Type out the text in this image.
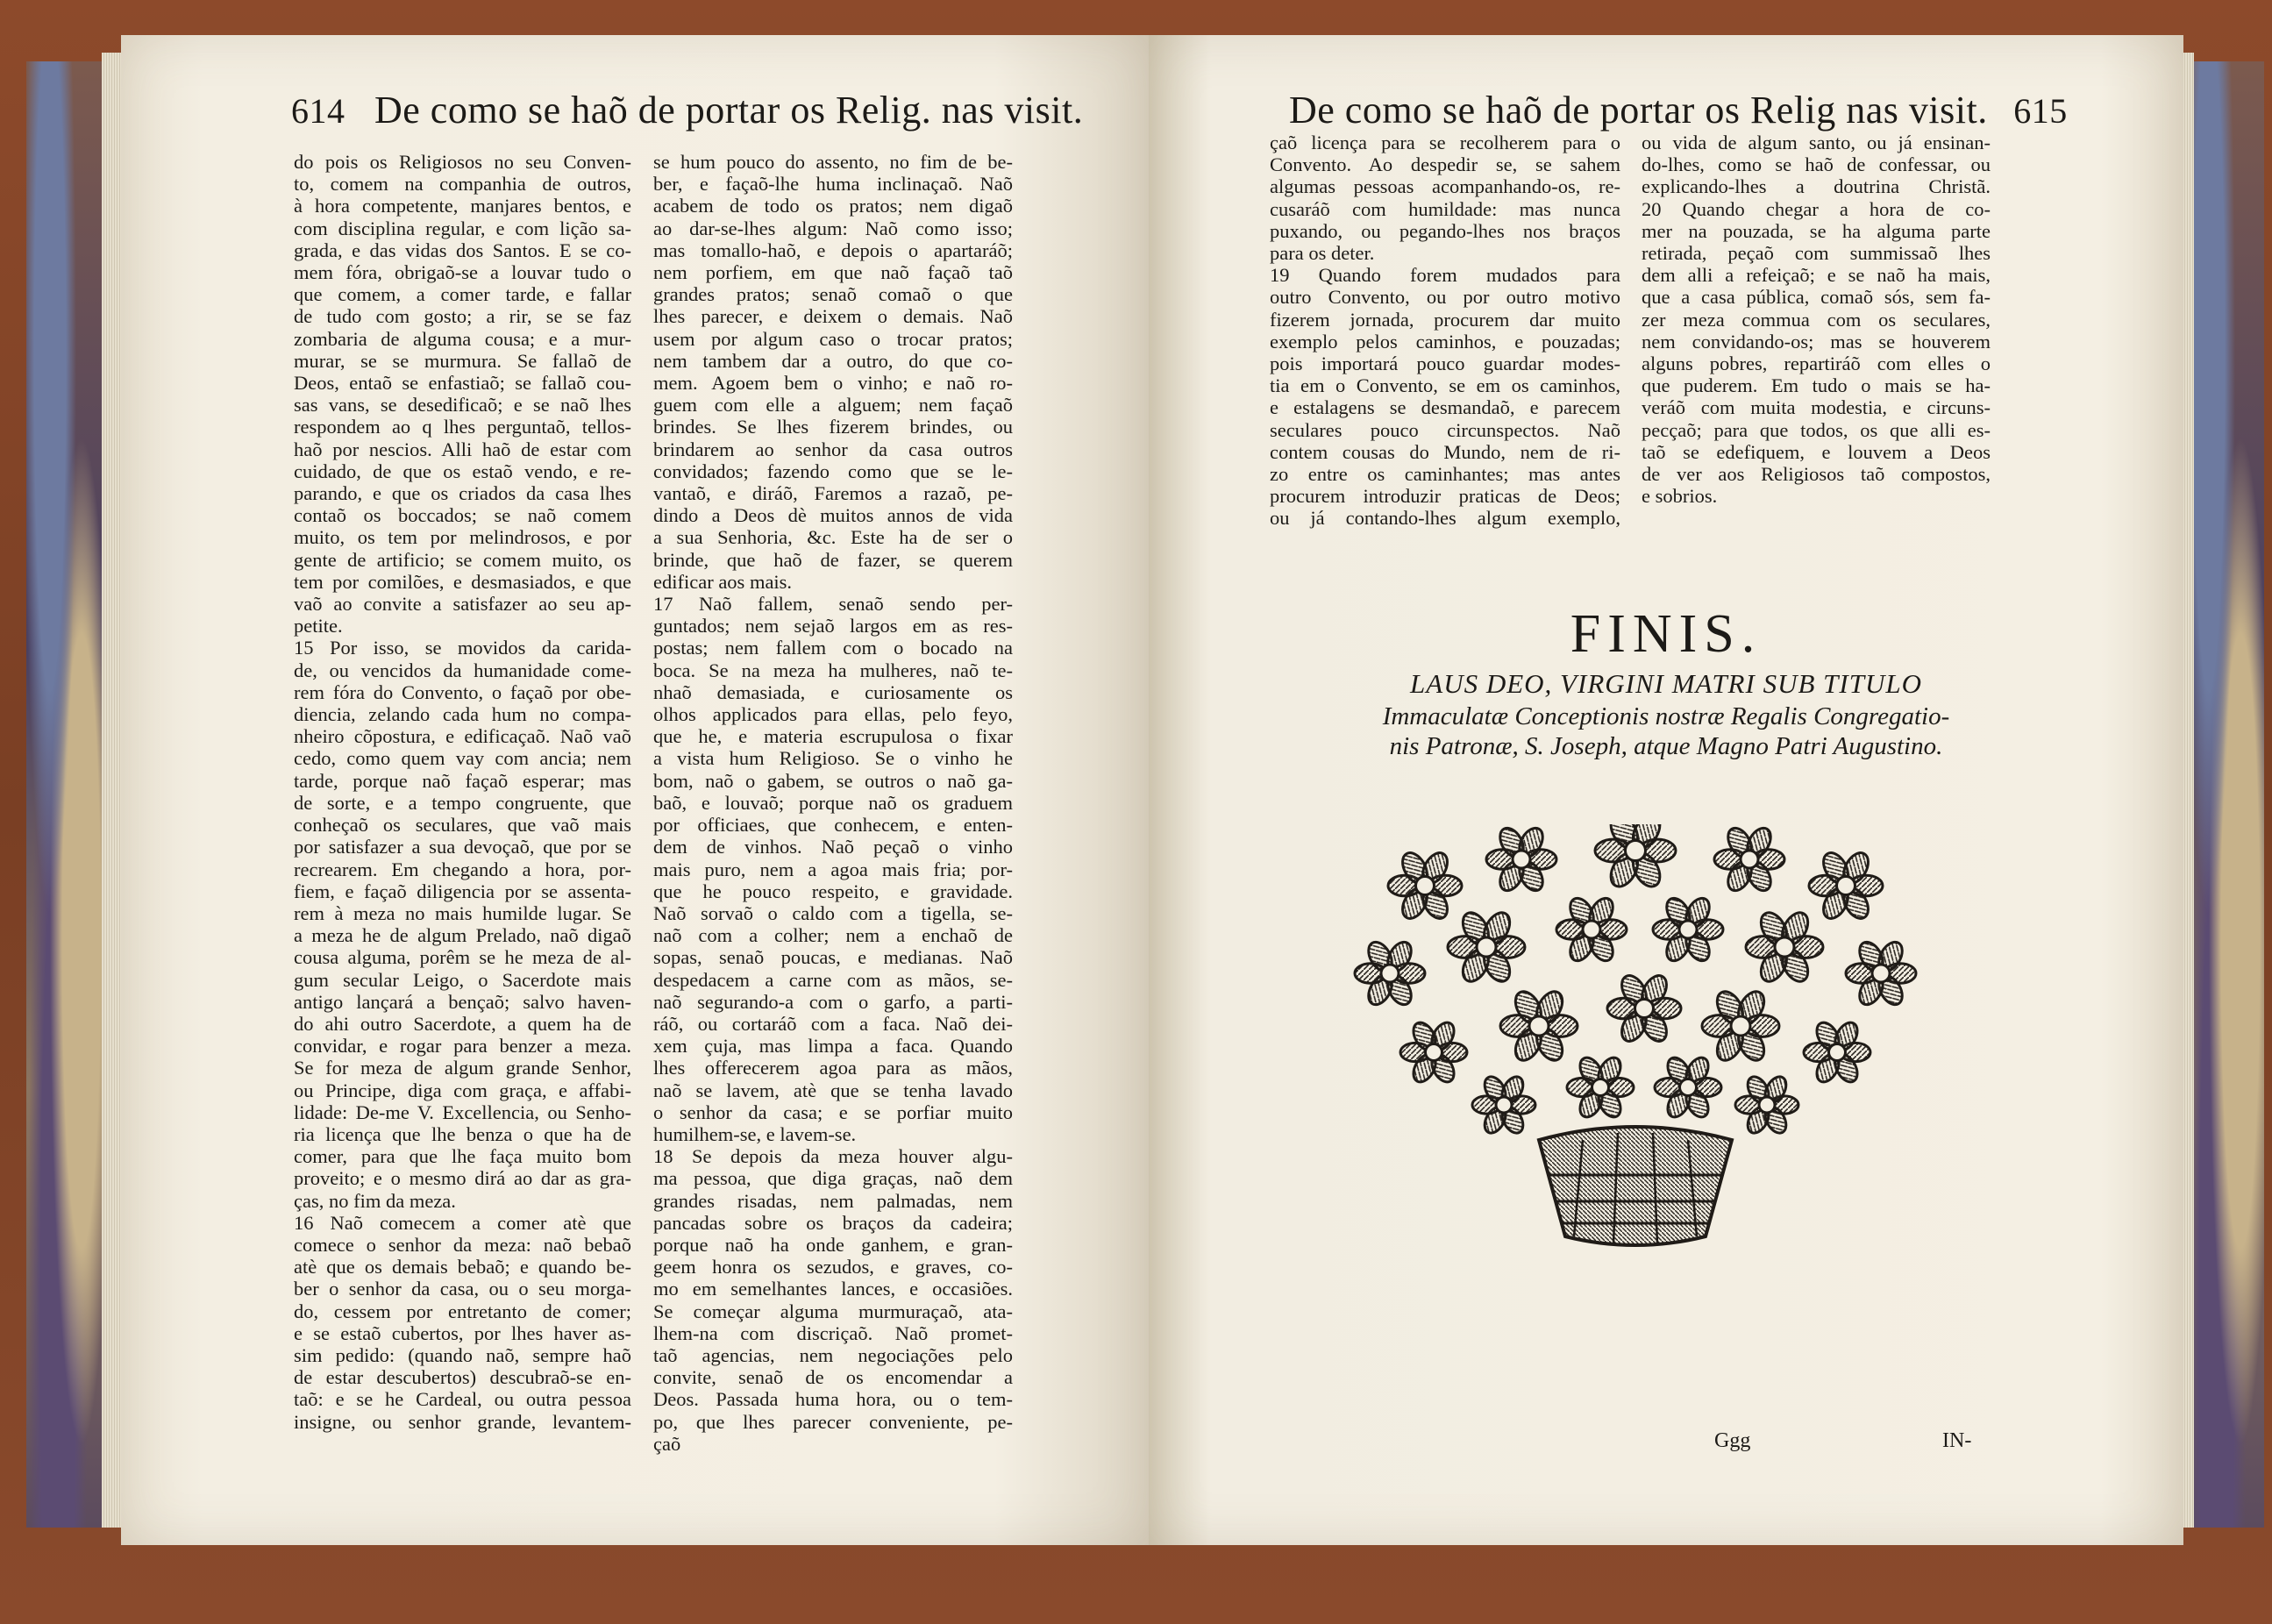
614 De como se haõ de portar os Relig. nas visit.	De como se haõ de portar os Relig nas visit. 615
do pois os Religiosos no seu Conven-
to, comem na companhia de outros,
à hora competente, manjares bentos, e
com disciplina regular, e com lição sa-
grada, e das vidas dos Santos. E se co-
mem fóra, obrigaõ-se a louvar tudo o
que comem, a comer tarde, e fallar
de tudo com gosto; a rir, se se faz
zombaria de alguma cousa; e a mur-
murar, se se murmura. Se fallaõ de
Deos, entaõ se enfastiaõ; se fallaõ cou-
sas vans, se desedificaõ; e se naõ lhes
respondem ao q lhes perguntaõ, tellos-
haõ por nescios. Alli haõ de estar com
cuidado, de que os estaõ vendo, e re-
parando, e que os criados da casa lhes
contaõ os boccados; se naõ comem
muito, os tem por melindrosos, e por
gente de artificio; se comem muito, os
tem por comilões, e desmasiados, e que
vaõ ao convite a satisfazer ao seu ap-
petite.
15 Por isso, se movidos da carida-
de, ou vencidos da humanidade come-
rem fóra do Convento, o façaõ por obe-
diencia, zelando cada hum no compa-
nheiro cõpostura, e edificaçaõ. Naõ vaõ
cedo, como quem vay com ancia; nem
tarde, porque naõ façaõ esperar; mas
de sorte, e a tempo congruente, que
conheçaõ os seculares, que vaõ mais
por satisfazer a sua devoçaõ, que por se
recrearem. Em chegando a hora, por-
fiem, e façaõ diligencia por se assenta-
rem à meza no mais humilde lugar. Se
a meza he de algum Prelado, naõ digaõ
cousa alguma, porêm se he meza de al-
gum secular Leigo, o Sacerdote mais
antigo lançará a bençaõ; salvo haven-
do ahi outro Sacerdote, a quem ha de
convidar, e rogar para benzer a meza.
Se for meza de algum grande Senhor,
ou Principe, diga com graça, e affabi-
lidade: De-me V. Excellencia, ou Senho-
ria licença que lhe benza o que ha de
comer, para que lhe faça muito bom
proveito; e o mesmo dirá ao dar as gra-
ças, no fim da meza.
16 Naõ comecem a comer atè que
comece o senhor da meza: naõ bebaõ
atè que os demais bebaõ; e quando be-
ber o senhor da casa, ou o seu morga-
do, cessem por entretanto de comer;
e se estaõ cubertos, por lhes haver as-
sim pedido: (quando naõ, sempre haõ
de estar descubertos) descubraõ-se en-
taõ: e se he Cardeal, ou outra pessoa
insigne, ou senhor grande, levantem-
se hum pouco do assento, no fim de be-
ber, e façaõ-lhe huma inclinaçaõ. Naõ
acabem de todo os pratos; nem digaõ
ao dar-se-lhes algum: Naõ como isso;
mas tomallo-haõ, e depois o apartaráõ;
nem porfiem, em que naõ façaõ taõ
grandes pratos; senaõ comaõ o que
lhes parecer, e deixem o demais. Naõ
usem por algum caso o trocar pratos;
nem tambem dar a outro, do que co-
mem. Agoem bem o vinho; e naõ ro-
guem com elle a alguem; nem façaõ
brindes. Se lhes fizerem brindes, ou
brindarem ao senhor da casa outros
convidados; fazendo como que se le-
vantaõ, e diráõ, Faremos a razaõ, pe-
dindo a Deos dè muitos annos de vida
a sua Senhoria, &c. Este ha de ser o
brinde, que haõ de fazer, se querem
edificar aos mais.
17 Naõ fallem, senaõ sendo per-
guntados; nem sejaõ largos em as res-
postas; nem fallem com o bocado na
boca. Se na meza ha mulheres, naõ te-
nhaõ demasiada, e curiosamente os
olhos applicados para ellas, pelo feyo,
que he, e materia escrupulosa o fixar
a vista hum Religioso. Se o vinho he
bom, naõ o gabem, se outros o naõ ga-
baõ, e louvaõ; porque naõ os graduem
por officiaes, que conhecem, e enten-
dem de vinhos. Naõ peçaõ o vinho
mais puro, nem a agoa mais fria; por-
que he pouco respeito, e gravidade.
Naõ sorvaõ o caldo com a tigella, se-
naõ com a colher; nem a enchaõ de
sopas, senaõ poucas, e medianas. Naõ
despedacem a carne com as mãos, se-
naõ segurando-a com o garfo, a parti-
ráõ, ou cortaráõ com a faca. Naõ dei-
xem çuja, mas limpa a faca. Quando
lhes offerecerem agoa para as mãos,
naõ se lavem, atè que se tenha lavado
o senhor da casa; e se porfiar muito
humilhem-se, e lavem-se.
18 Se depois da meza houver algu-
ma pessoa, que diga graças, naõ dem
grandes risadas, nem palmadas, nem
pancadas sobre os braços da cadeira;
porque naõ ha onde ganhem, e gran-
geem honra os sezudos, e graves, co-
mo em semelhantes lances, e occasiões.
Se começar alguma murmuraçaõ, ata-
lhem-na com discriçaõ. Naõ promet-
taõ agencias, nem negociações pelo
convite, senaõ de os encomendar a
Deos. Passada huma hora, ou o tem-
po, que lhes parecer conveniente, pe-
çaõ
çaõ licença para se recolherem para o
Convento. Ao despedir se, se sahem
algumas pessoas acompanhando-os, re-
cusaráõ com humildade: mas nunca
puxando, ou pegando-lhes nos braços
para os deter.
19 Quando forem mudados para
outro Convento, ou por outro motivo
fizerem jornada, procurem dar muito
exemplo pelos caminhos, e pouzadas;
pois importará pouco guardar modes-
tia em o Convento, se em os caminhos,
e estalagens se desmandaõ, e parecem
seculares pouco circunspectos. Naõ
contem cousas do Mundo, nem de ri-
zo entre os caminhantes; mas antes
procurem introduzir praticas de Deos;
ou já contando-lhes algum exemplo,
ou vida de algum santo, ou já ensinan-
do-lhes, como se haõ de confessar, ou
explicando-lhes a doutrina Christã.
20 Quando chegar a hora de co-
mer na pouzada, se ha alguma parte
retirada, peçaõ com summissaõ lhes
dem alli a refeiçaõ; e se naõ ha mais,
que a casa pública, comaõ sós, sem fa-
zer meza commua com os seculares,
nem convidando-os; mas se houverem
alguns pobres, repartiráõ com elles o
que puderem. Em tudo o mais se ha-
veráõ com muita modestia, e circuns-
pecçaõ; para que todos, os que alli es-
taõ se edefiquem, e louvem a Deos
de ver aos Religiosos taõ compostos,
e sobrios.
FINIS.
LAUS DEO, VIRGINI MATRI SUB TITULO
Immaculatæ Conceptionis nostræ Regalis Congregatio-
nis Patronæ, S. Joseph, atque Magno Patri Augustino.
Ggg	IN-
